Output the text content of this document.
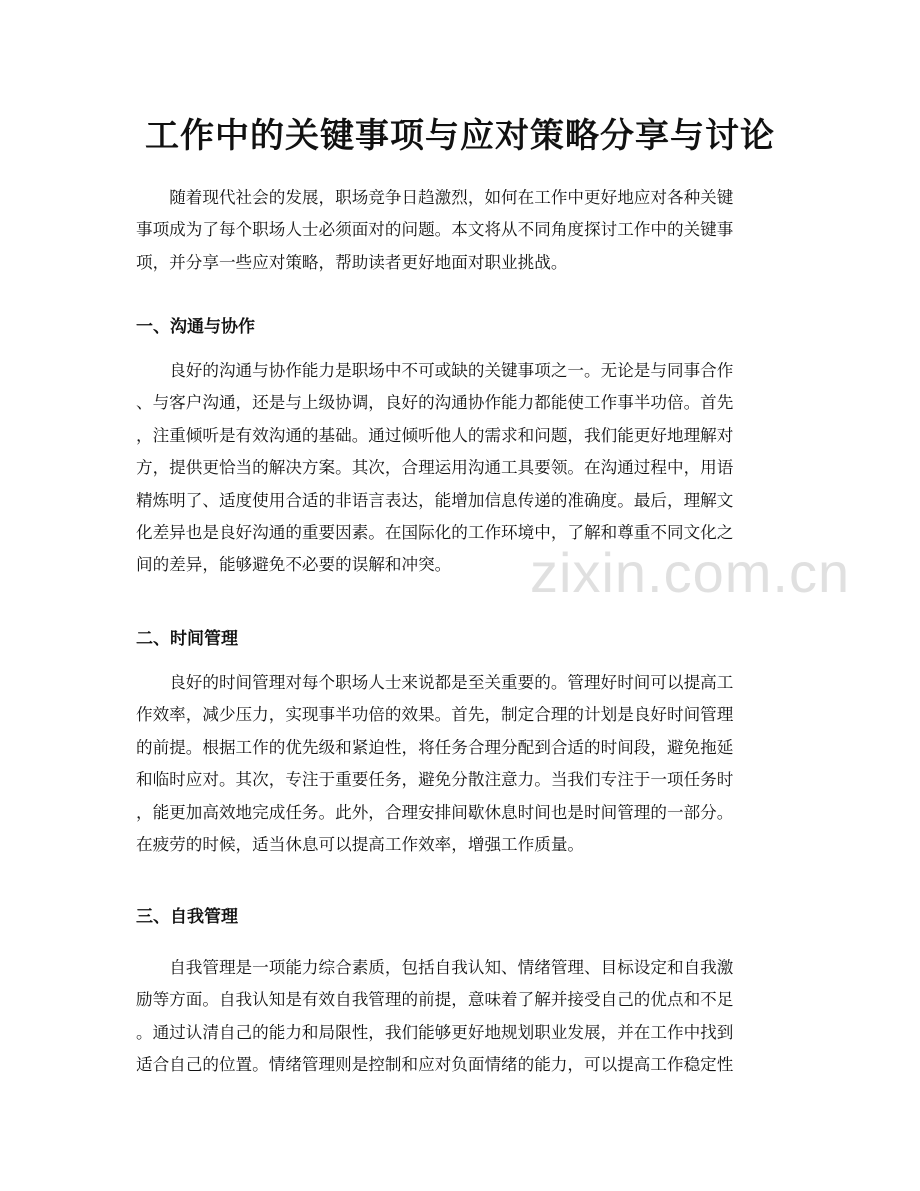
工作中的关键事项与应对策略分享与讨论
随着现代社会的发展，职场竞争日趋激烈，如何在工作中更好地应对各种关键
事项成为了每个职场人士必须面对的问题。本文将从不同角度探讨工作中的关键事
项，并分享一些应对策略，帮助读者更好地面对职业挑战。
一、沟通与协作
良好的沟通与协作能力是职场中不可或缺的关键事项之一。无论是与同事合作
、与客户沟通，还是与上级协调，良好的沟通协作能力都能使工作事半功倍。首先
，注重倾听是有效沟通的基础。通过倾听他人的需求和问题，我们能更好地理解对
方，提供更恰当的解决方案。其次，合理运用沟通工具要领。在沟通过程中，用语
精炼明了、适度使用合适的非语言表达，能增加信息传递的准确度。最后，理解文
化差异也是良好沟通的重要因素。在国际化的工作环境中，了解和尊重不同文化之
间的差异，能够避免不必要的误解和冲突。
二、时间管理
良好的时间管理对每个职场人士来说都是至关重要的。管理好时间可以提高工
作效率，减少压力，实现事半功倍的效果。首先，制定合理的计划是良好时间管理
的前提。根据工作的优先级和紧迫性，将任务合理分配到合适的时间段，避免拖延
和临时应对。其次，专注于重要任务，避免分散注意力。当我们专注于一项任务时
，能更加高效地完成任务。此外，合理安排间歇休息时间也是时间管理的一部分。
在疲劳的时候，适当休息可以提高工作效率，增强工作质量。
三、自我管理
自我管理是一项能力综合素质，包括自我认知、情绪管理、目标设定和自我激
励等方面。自我认知是有效自我管理的前提，意味着了解并接受自己的优点和不足
。通过认清自己的能力和局限性，我们能够更好地规划职业发展，并在工作中找到
适合自己的位置。情绪管理则是控制和应对负面情绪的能力，可以提高工作稳定性
zixin.com.cn
